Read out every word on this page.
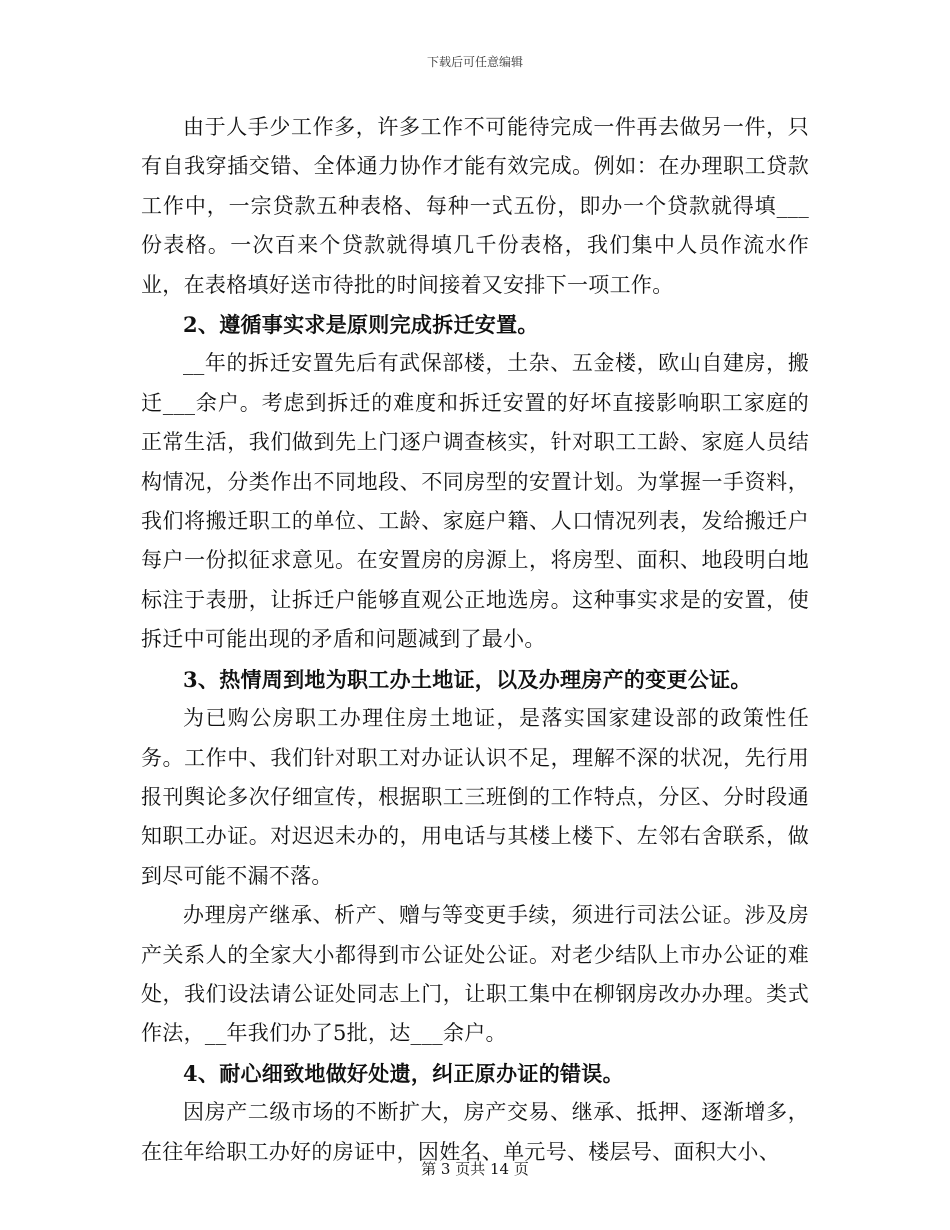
下载后可任意编辑

由于人手少工作多，许多工作不可能待完成一件再去做另一件，只有自我穿插交错、全体通力协作才能有效完成。例如：在办理职工贷款工作中，一宗贷款五种表格、每种一式五份，即办一个贷款就得填___份表格。一次百来个贷款就得填几千份表格，我们集中人员作流水作业，在表格填好送市待批的时间接着又安排下一项工作。

2、遵循事实求是原则完成拆迁安置。

__年的拆迁安置先后有武保部楼，土杂、五金楼，欧山自建房，搬迁___余户。考虑到拆迁的难度和拆迁安置的好坏直接影响职工家庭的正常生活，我们做到先上门逐户调查核实，针对职工工龄、家庭人员结构情况，分类作出不同地段、不同房型的安置计划。为掌握一手资料，我们将搬迁职工的单位、工龄、家庭户籍、人口情况列表，发给搬迁户每户一份拟征求意见。在安置房的房源上，将房型、面积、地段明白地标注于表册，让拆迁户能够直观公正地选房。这种事实求是的安置，使拆迁中可能出现的矛盾和问题减到了最小。

3、热情周到地为职工办土地证，以及办理房产的变更公证。

为已购公房职工办理住房土地证，是落实国家建设部的政策性任务。工作中、我们针对职工对办证认识不足，理解不深的状况，先行用报刊舆论多次仔细宣传，根据职工三班倒的工作特点，分区、分时段通知职工办证。对迟迟未办的，用电话与其楼上楼下、左邻右舍联系，做到尽可能不漏不落。

办理房产继承、析产、赠与等变更手续，须进行司法公证。涉及房产关系人的全家大小都得到市公证处公证。对老少结队上市办公证的难处，我们设法请公证处同志上门，让职工集中在柳钢房改办办理。类式作法，__年我们办了5批，达___余户。

4、耐心细致地做好处遗，纠正原办证的错误。

因房产二级市场的不断扩大，房产交易、继承、抵押、逐渐增多，在往年给职工办好的房证中，因姓名、单元号、楼层号、面积大小、

第 3 页共 14 页
